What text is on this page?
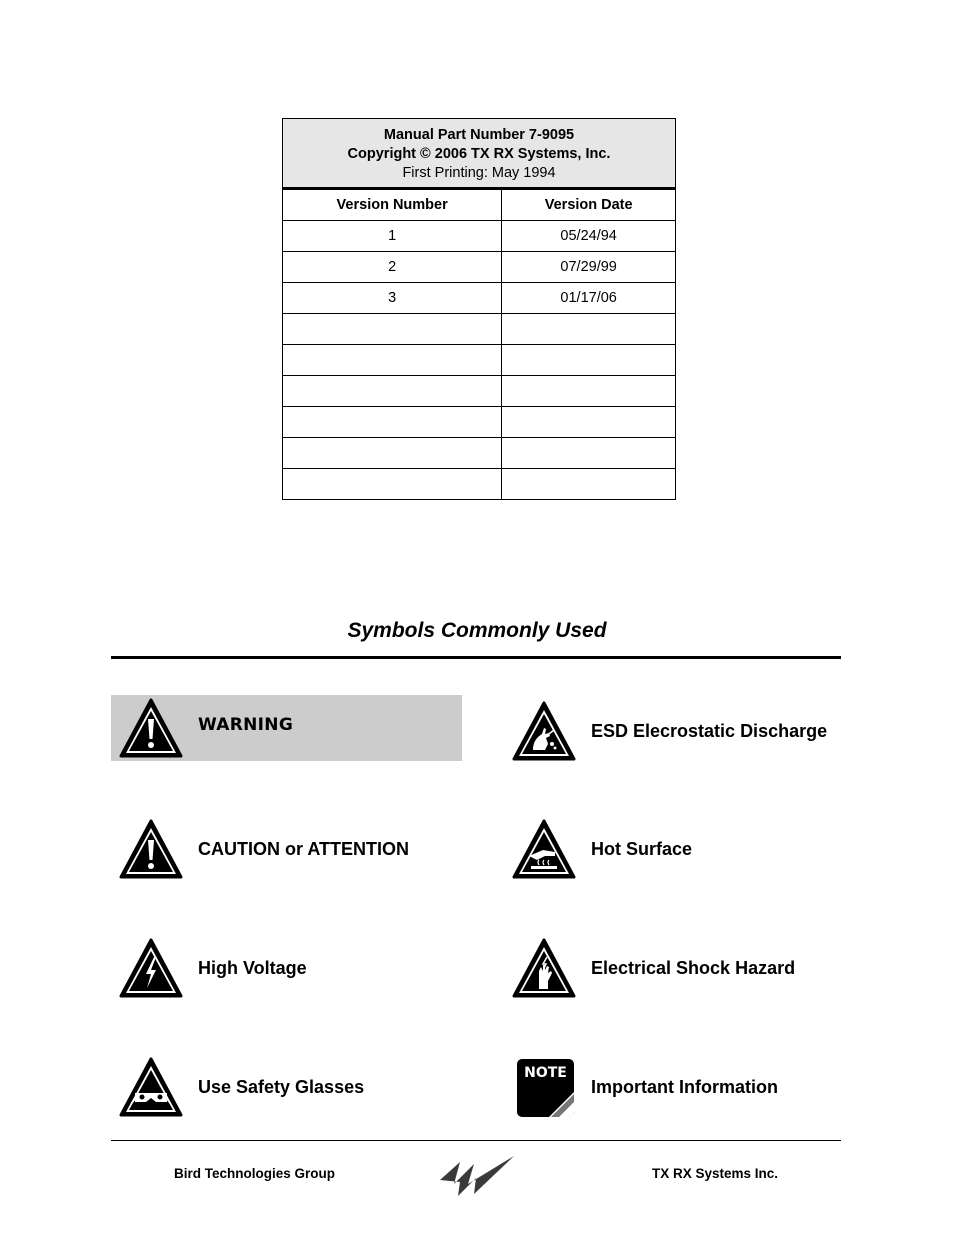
Manual Part Number 7-9095
Copyright © 2006 TX RX Systems, Inc.
First Printing: May 1994	
Version Number	Version Date
1	05/24/94
2	07/29/99
3	01/17/06

Symbols Commonly Used
WARNING	ESD Elecrostatic Discharge
CAUTION or ATTENTION	Hot Surface
High Voltage	Electrical Shock Hazard
Use Safety Glasses
NOTE
Important Information
Bird Technologies Group	TX RX Systems Inc.
